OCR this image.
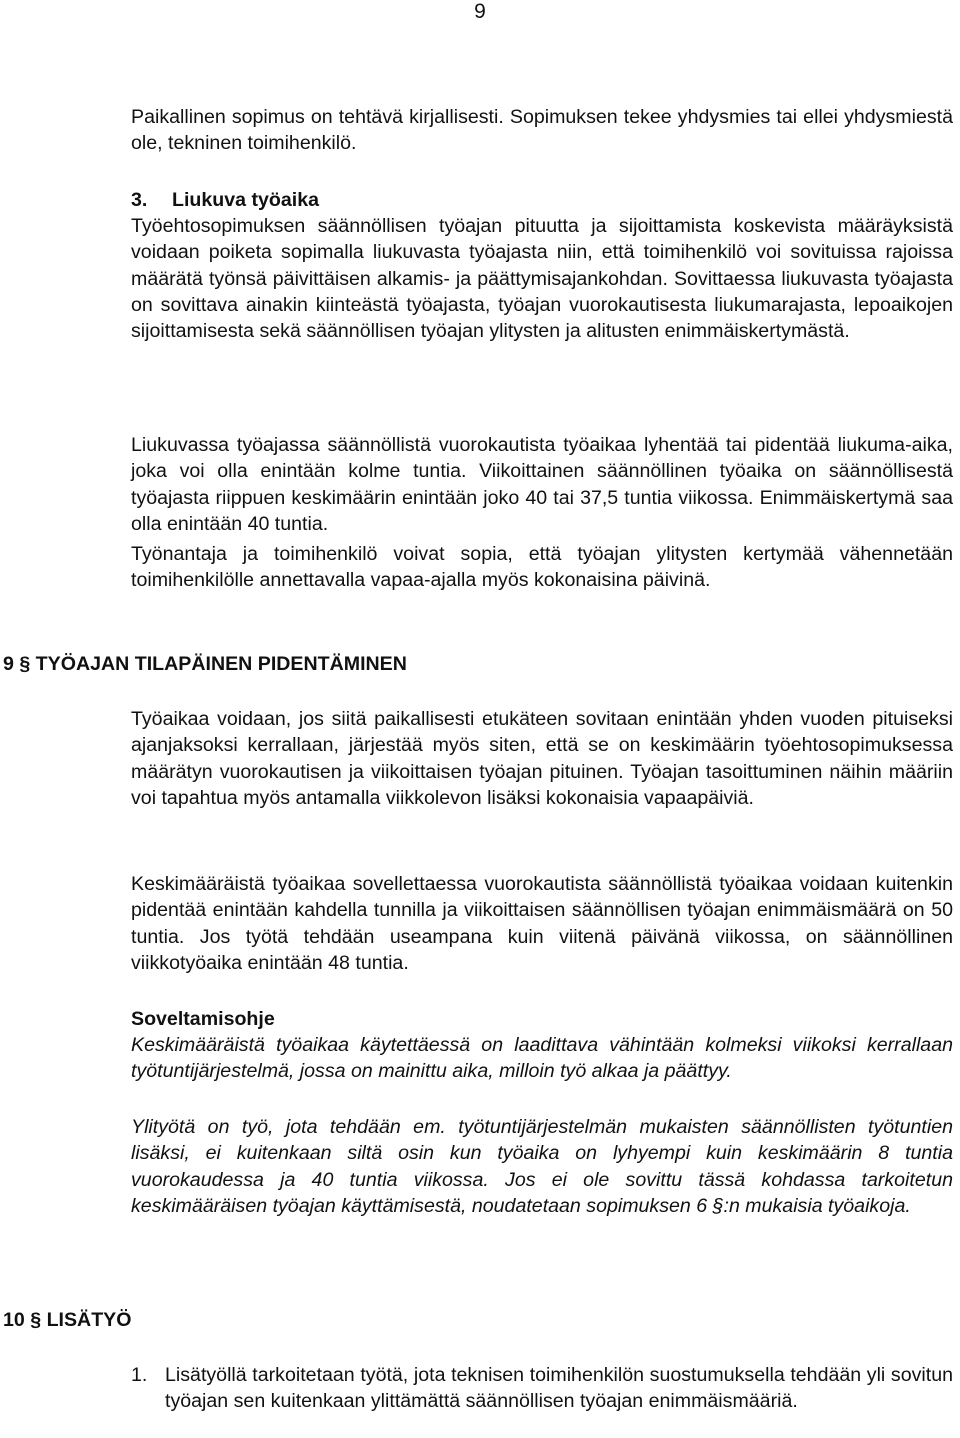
9

Paikallinen sopimus on tehtävä kirjallisesti. Sopimuksen tekee yhdysmies tai ellei yhdysmiestä ole, tekninen toimihenkilö.

3. Liukuva työaika

Työehtosopimuksen säännöllisen työajan pituutta ja sijoittamista koskevista määräyksistä voidaan poiketa sopimalla liukuvasta työajasta niin, että toimihenkilö voi sovituissa rajoissa määrätä työnsä päivittäisen alkamis- ja päättymisajankohdan. Sovittaessa liukuvasta työajasta on sovittava ainakin kiinteästä työajasta, työajan vuorokautisesta liukumarajasta, lepoaikojen sijoittamisesta sekä säännöllisen työajan ylitysten ja alitusten enimmäiskertymästä.

Liukuvassa työajassa säännöllistä vuorokautista työaikaa lyhentää tai pidentää liukuma-aika, joka voi olla enintään kolme tuntia. Viikoittainen säännöllinen työaika on säännöllisestä työajasta riippuen keskimäärin enintään joko 40 tai 37,5 tuntia viikossa. Enimmäiskertymä saa olla enintään 40 tuntia.

Työnantaja ja toimihenkilö voivat sopia, että työajan ylitysten kertymää vähennetään toimihenkilölle annettavalla vapaa-ajalla myös kokonaisina päivinä.

9 § TYÖAJAN TILAPÄINEN PIDENTÄMINEN

Työaikaa voidaan, jos siitä paikallisesti etukäteen sovitaan enintään yhden vuoden pituiseksi ajanjaksoksi kerrallaan, järjestää myös siten, että se on keskimäärin työehtosopimuksessa määrätyn vuorokautisen ja viikoittaisen työajan pituinen. Työajan tasoittuminen näihin määriin voi tapahtua myös antamalla viikkolevon lisäksi kokonaisia vapaapäiviä.

Keskimääräistä työaikaa sovellettaessa vuorokautista säännöllistä työaikaa voidaan kuitenkin pidentää enintään kahdella tunnilla ja viikoittaisen säännöllisen työajan enimmäismäärä on 50 tuntia. Jos työtä tehdään useampana kuin viitenä päivänä viikossa, on säännöllinen viikkotyöaika enintään 48 tuntia.

Soveltamisohje

Keskimääräistä työaikaa käytettäessä on laadittava vähintään kolmeksi viikoksi kerrallaan työtuntijärjestelmä, jossa on mainittu aika, milloin työ alkaa ja päättyy.

Ylityötä on työ, jota tehdään em. työtuntijärjestelmän mukaisten säännöllisten työtuntien lisäksi, ei kuitenkaan siltä osin kun työaika on lyhyempi kuin keskimäärin 8 tuntia vuorokaudessa ja 40 tuntia viikossa. Jos ei ole sovittu tässä kohdassa tarkoitetun keskimääräisen työajan käyttämisestä, noudatetaan sopimuksen 6 §:n mukaisia työaikoja.

10 § LISÄTYÖ
1. Lisätyöllä tarkoitetaan työtä, jota teknisen toimihenkilön suostumuksella tehdään yli sovitun työajan sen kuitenkaan ylittämättä säännöllisen työajan enimmäismääriä.
